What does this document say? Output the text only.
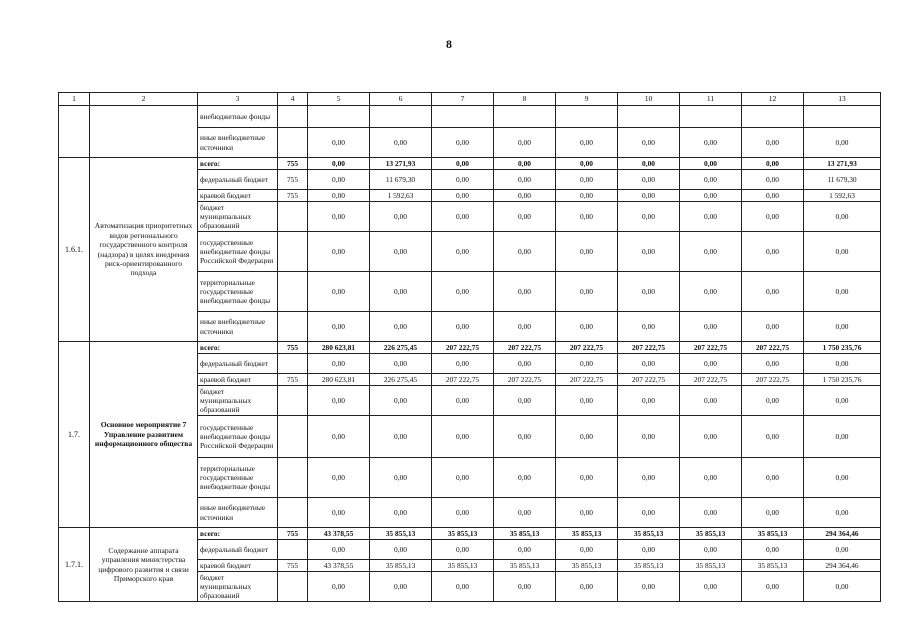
8
1	2	3	4	5	6	7	8	9	10	11	12	13
		внебюджетные фонды										
		иные внебюджетные источники		0,00	0,00	0,00	0,00	0,00	0,00	0,00	0,00	0,00
1.6.1.	Автоматизация приоритетных видов регионального государственного контроля (надзора) в целях внедрения риск-ориентированного подхода	всего:	755	0,00	13 271,93	0,00	0,00	0,00	0,00	0,00	0,00	13 271,93
		федеральный бюджет	755	0,00	11 679,30	0,00	0,00	0,00	0,00	0,00	0,00	11 679,30
		краевой бюджет	755	0,00	1 592,63	0,00	0,00	0,00	0,00	0,00	0,00	1 592,63
		бюджет муниципальных образований		0,00	0,00	0,00	0,00	0,00	0,00	0,00	0,00	0,00
		государственные внебюджетные фонды Российской Федерации		0,00	0,00	0,00	0,00	0,00	0,00	0,00	0,00	0,00
		территориальные государственные внебюджетные фонды		0,00	0,00	0,00	0,00	0,00	0,00	0,00	0,00	0,00
		иные внебюджетные источники		0,00	0,00	0,00	0,00	0,00	0,00	0,00	0,00	0,00
1.7.	Основное мероприятие 7 Управление развитием информационного общества	всего:	755	280 623,81	226 275,45	207 222,75	207 222,75	207 222,75	207 222,75	207 222,75	207 222,75	1 750 235,76
		федеральный бюджет		0,00	0,00	0,00	0,00	0,00	0,00	0,00	0,00	0,00
		краевой бюджет	755	280 623,81	226 275,45	207 222,75	207 222,75	207 222,75	207 222,75	207 222,75	207 222,75	1 750 235,76
		бюджет муниципальных образований		0,00	0,00	0,00	0,00	0,00	0,00	0,00	0,00	0,00
		государственные внебюджетные фонды Российской Федерации		0,00	0,00	0,00	0,00	0,00	0,00	0,00	0,00	0,00
		территориальные государственные внебюджетные фонды		0,00	0,00	0,00	0,00	0,00	0,00	0,00	0,00	0,00
		иные внебюджетные источники		0,00	0,00	0,00	0,00	0,00	0,00	0,00	0,00	0,00
1.7.1.	Содержание аппарата управления министерства цифрового развития и связи Приморского края	всего:	755	43 378,55	35 855,13	35 855,13	35 855,13	35 855,13	35 855,13	35 855,13	35 855,13	294 364,46
		федеральный бюджет		0,00	0,00	0,00	0,00	0,00	0,00	0,00	0,00	0,00
		краевой бюджет	755	43 378,55	35 855,13	35 855,13	35 855,13	35 855,13	35 855,13	35 855,13	35 855,13	294 364,46
		бюджет муниципальных образований		0,00	0,00	0,00	0,00	0,00	0,00	0,00	0,00	0,00
